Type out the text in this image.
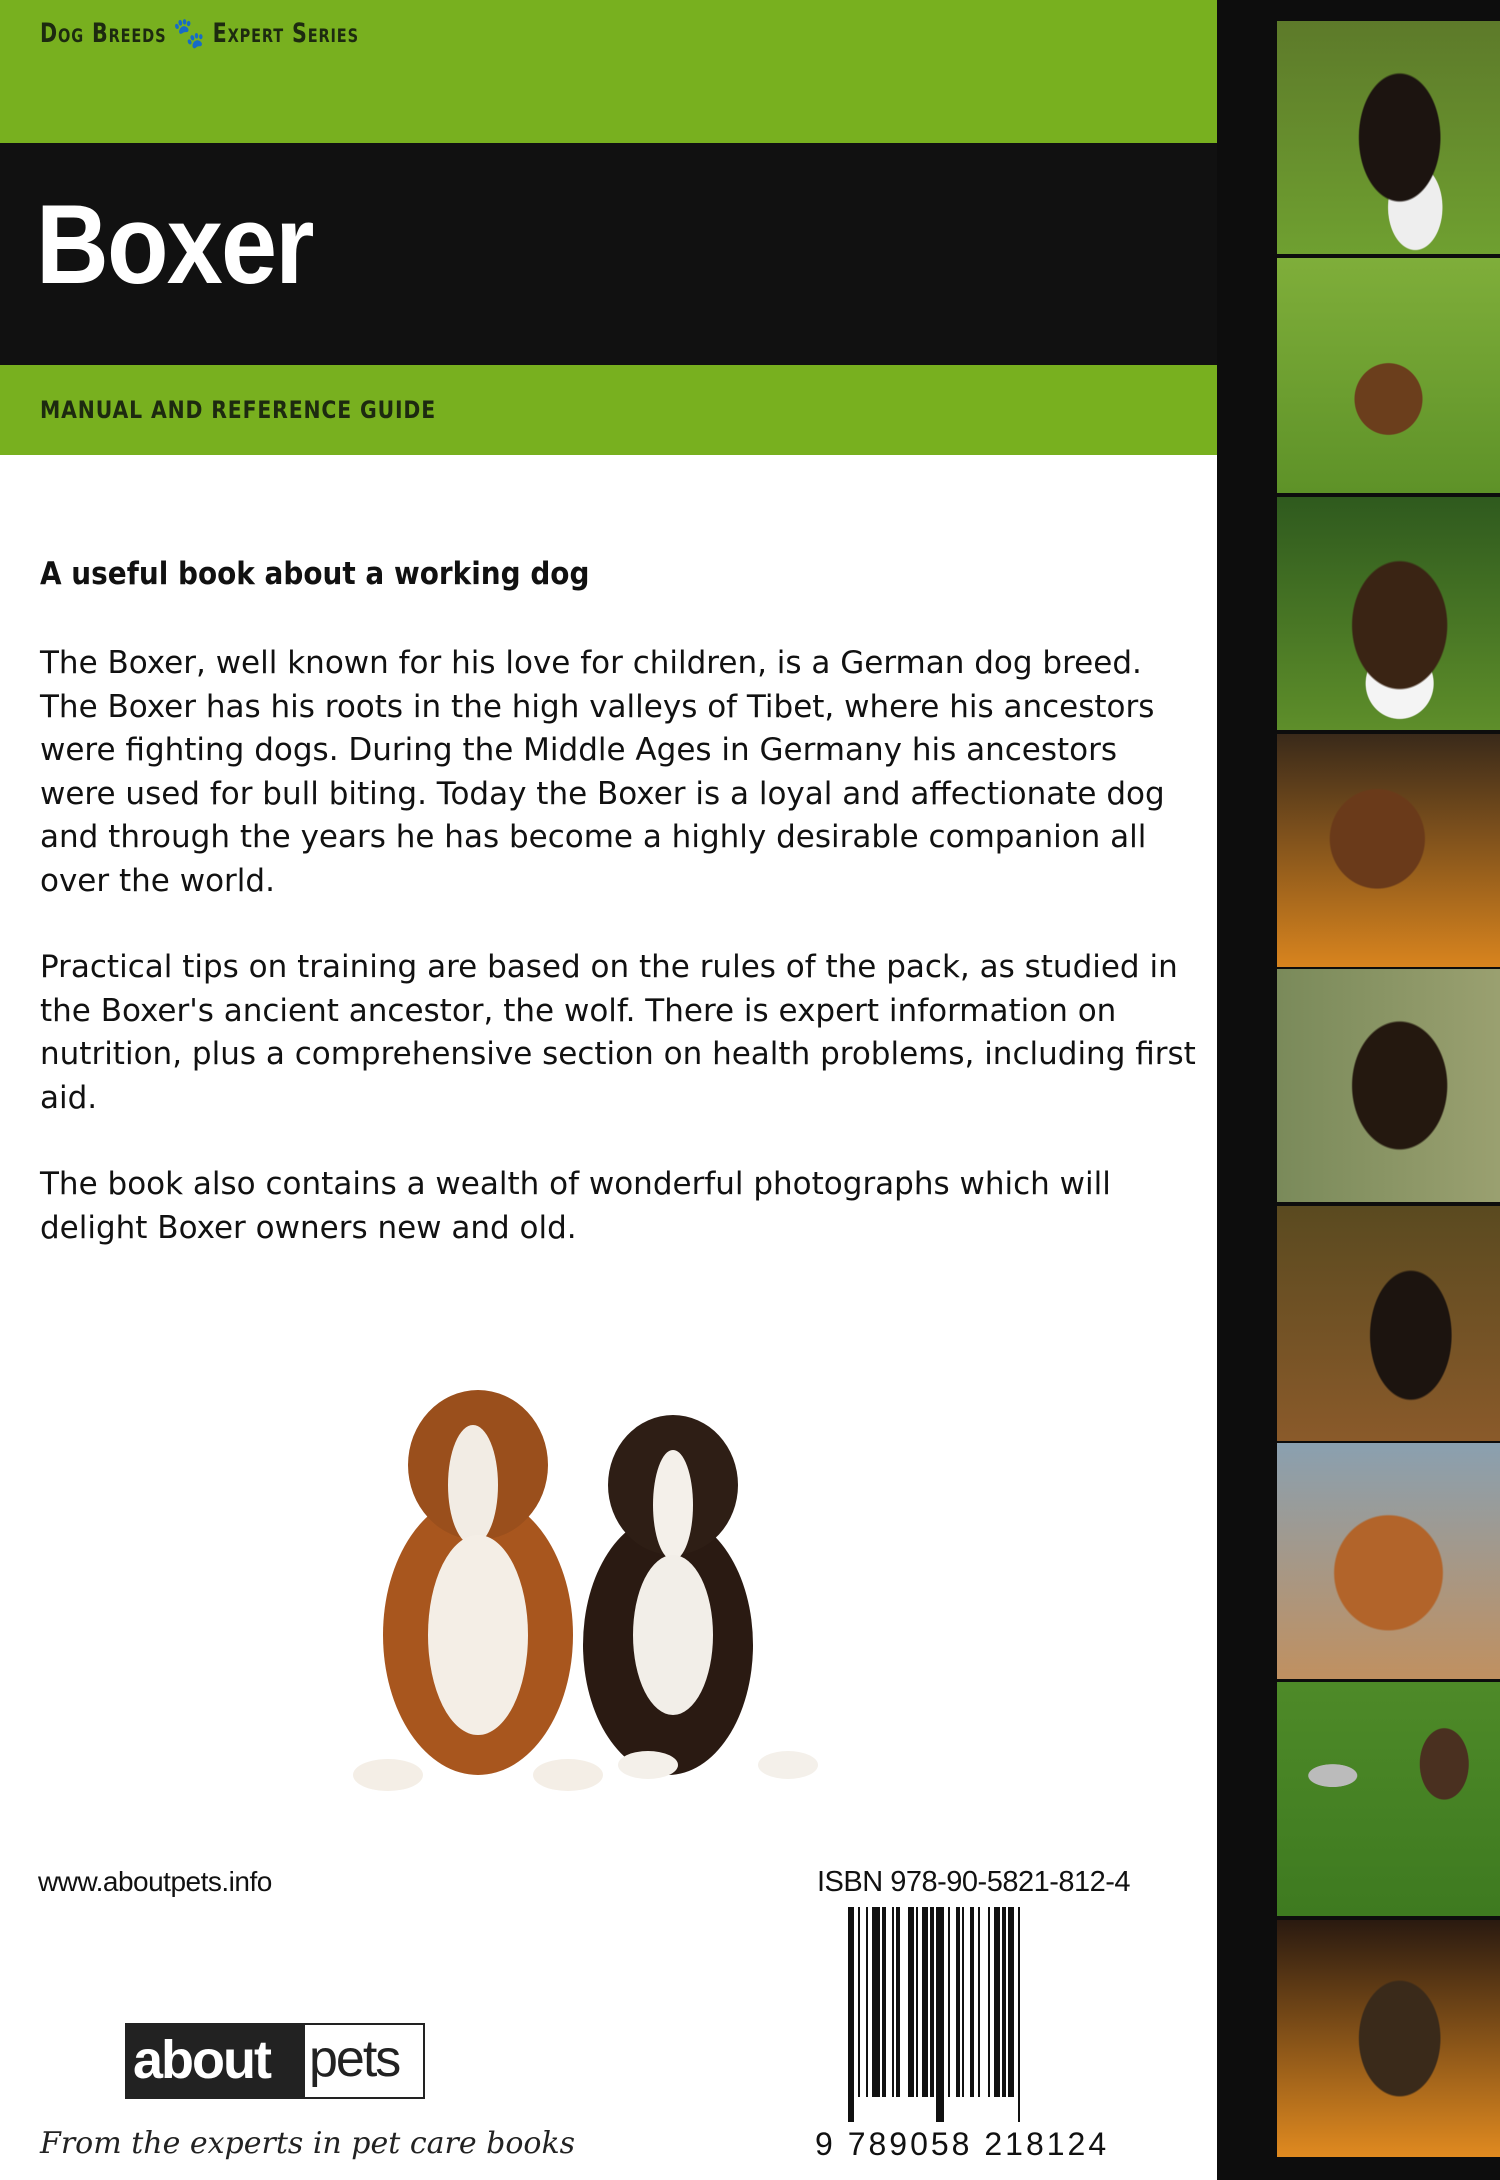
Dog Breeds 🐾 Expert Series
Boxer
MANUAL AND REFERENCE GUIDE
A useful book about a working dog

The Boxer, well known for his love for children, is a German dog breed. The Boxer has his roots in the high valleys of Tibet, where his ancestors were fighting dogs. During the Middle Ages in Germany his ancestors were used for bull biting. Today the Boxer is a loyal and affectionate dog and through the years he has become a highly desirable companion all over the world.

Practical tips on training are based on the rules of the pack, as studied in the Boxer's ancient ancestor, the wolf. There is expert information on nutrition, plus a comprehensive section on health problems, including first aid.

The book also contains a wealth of wonderful photographs which will delight Boxer owners new and old.

www.aboutpets.info	ISBN 978-90-5821-812-4
9 789058 218124
about pets
From the experts in pet care books
